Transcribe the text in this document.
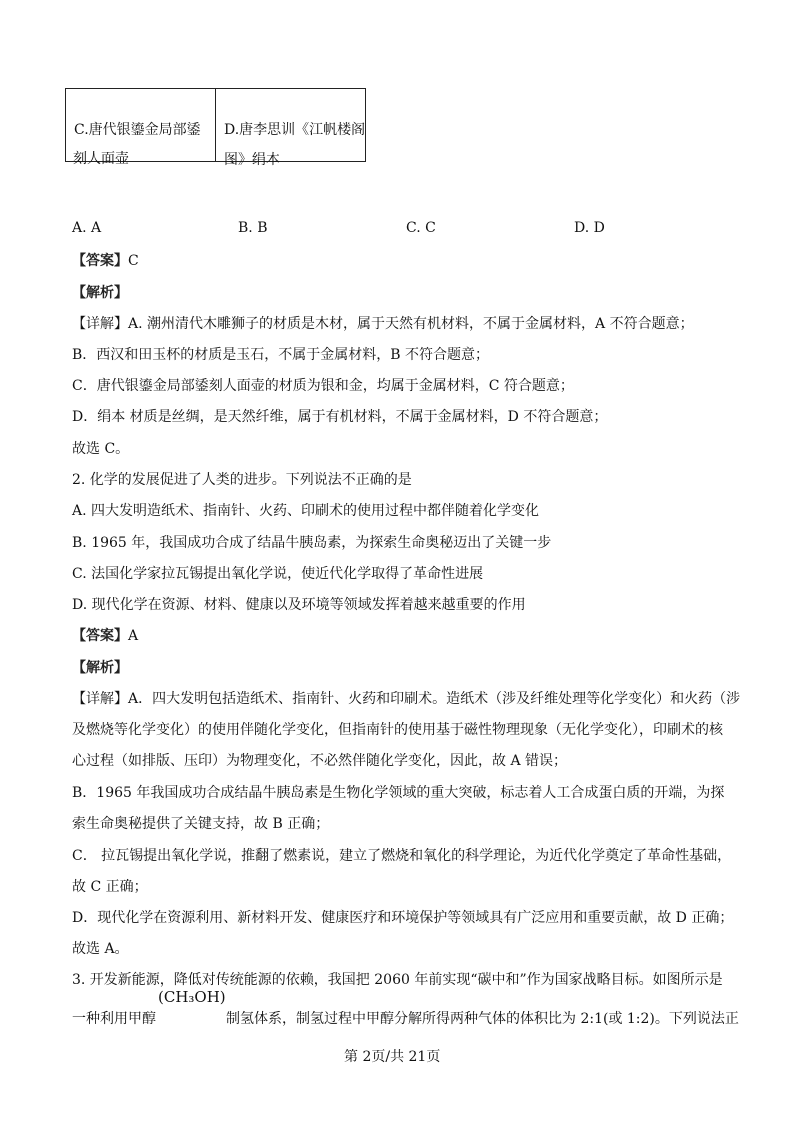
C.唐代银鎏金局部鋈
刻人面壶
D.唐李思训《江帆楼阁
图》绢本
A. A	B. B	C. C	D. D
【答案】C
【解析】
【详解】A. 潮州清代木雕狮子的材质是木材，属于天然有机材料，不属于金属材料，A 不符合题意；
B．西汉和田玉杯的材质是玉石，不属于金属材料，B 不符合题意；
C．唐代银鎏金局部鋈刻人面壶的材质为银和金，均属于金属材料，C 符合题意；
D．绢本 材质是丝绸，是天然纤维，属于有机材料，不属于金属材料，D 不符合题意；
故选 C。
2. 化学的发展促进了人类的进步。下列说法不正确的是
A. 四大发明造纸术、指南针、火药、印刷术的使用过程中都伴随着化学变化
B. 1965 年，我国成功合成了结晶牛胰岛素，为探索生命奥秘迈出了关键一步
C. 法国化学家拉瓦锡提出氧化学说，使近代化学取得了革命性进展
D. 现代化学在资源、材料、健康以及环境等领域发挥着越来越重要的作用
【答案】A
【解析】
【详解】A．四大发明包括造纸术、指南针、火药和印刷术。造纸术（涉及纤维处理等化学变化）和火药（涉
及燃烧等化学变化）的使用伴随化学变化，但指南针的使用基于磁性物理现象（无化学变化），印刷术的核
心过程（如排版、压印）为物理变化，不必然伴随化学变化，因此，故 A 错误；
B．1965 年我国成功合成结晶牛胰岛素是生物化学领域的重大突破，标志着人工合成蛋白质的开端，为探
索生命奥秘提供了关键支持，故 B 正确；
C． 拉瓦锡提出氧化学说，推翻了燃素说，建立了燃烧和氧化的科学理论，为近代化学奠定了革命性基础，
故 C 正确；
D．现代化学在资源利用、新材料开发、健康医疗和环境保护等领域具有广泛应用和重要贡献，故 D 正确；
故选 A。
3. 开发新能源，降低对传统能源的依赖，我国把 2060 年前实现“碳中和”作为国家战略目标。如图所示是
(CH₃OH)
一种利用甲醇	制氢体系，制氢过程中甲醇分解所得两种气体的体积比为 2:1(或 1:2)。下列说法正
第 2页/共 21页
